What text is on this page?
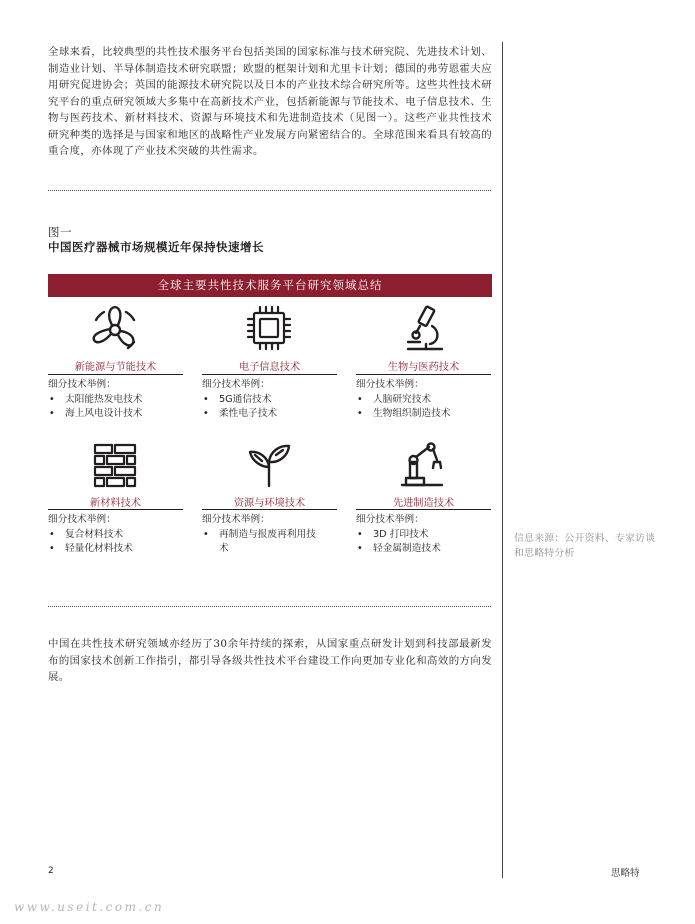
全球来看，比较典型的共性技术服务平台包括美国的国家标准与技术研究院、先进技术计划、制造业计划、半导体制造技术研究联盟；欧盟的框架计划和尤里卡计划；德国的弗劳恩霍夫应用研究促进协会；英国的能源技术研究院以及日本的产业技术综合研究所等。这些共性技术研究平台的重点研究领域大多集中在高新技术产业，包括新能源与节能技术、电子信息技术、生物与医药技术、新材料技术、资源与环境技术和先进制造技术（见图一）。这些产业共性技术研究种类的选择是与国家和地区的战略性产业发展方向紧密结合的。全球范围来看具有较高的重合度，亦体现了产业技术突破的共性需求。

图一

中国医疗器械市场规模近年保持快速增长

全球主要共性技术服务平台研究领域总结
新能源与节能技术

细分技术举例：

• 太阳能热发电技术
• 海上风电设计技术
电子信息技术

细分技术举例：

• 5G通信技术
• 柔性电子技术
生物与医药技术

细分技术举例：

• 人脑研究技术
• 生物组织制造技术
新材料技术

细分技术举例：

• 复合材料技术
• 轻量化材料技术
资源与环境技术

细分技术举例：

• 再制造与报废再利用技术
先进制造技术

细分技术举例：

• 3D 打印技术
• 轻金属制造技术
信息来源：公开资料、专家访谈和思略特分析

中国在共性技术研究领域亦经历了30余年持续的探索，从国家重点研发计划到科技部最新发布的国家技术创新工作指引，都引导各级共性技术平台建设工作向更加专业化和高效的方向发展。

2	思略特
www.useit.com.cn
